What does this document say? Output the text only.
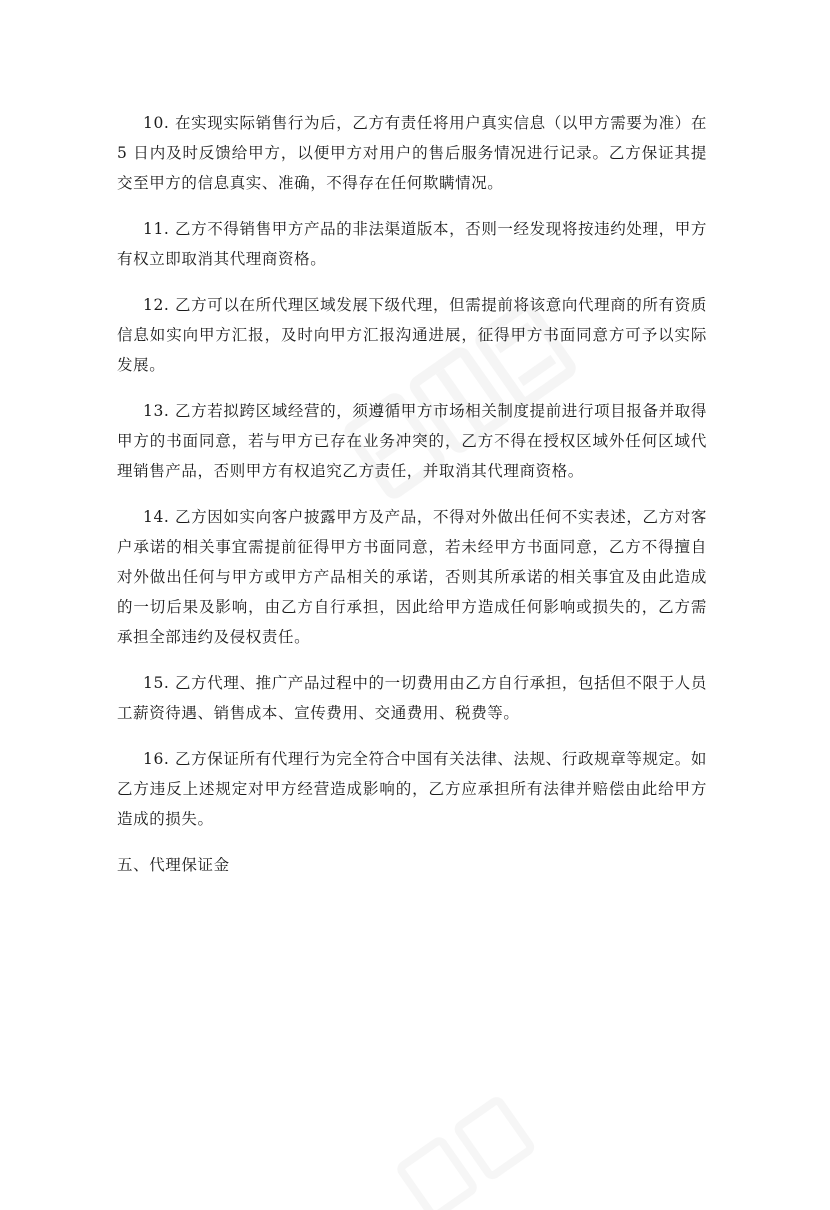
10. 在实现实际销售行为后，乙方有责任将用户真实信息（以甲方需要为准）在　 5 日内及时反馈给甲方，以便甲方对用户的售后服务情况进行记录。乙方保证其提交至甲方的信息真实、准确，不得存在任何欺瞒情况。

11. 乙方不得销售甲方产品的非法渠道版本，否则一经发现将按违约处理，甲方有权立即取消其代理商资格。

12. 乙方可以在所代理区域发展下级代理，但需提前将该意向代理商的所有资质信息如实向甲方汇报，及时向甲方汇报沟通进展，征得甲方书面同意方可予以实际发展。

13. 乙方若拟跨区域经营的，须遵循甲方市场相关制度提前进行项目报备并取得甲方的书面同意，若与甲方已存在业务冲突的，乙方不得在授权区域外任何区域代理销售产品，否则甲方有权追究乙方责任，并取消其代理商资格。

14. 乙方因如实向客户披露甲方及产品，不得对外做出任何不实表述，乙方对客户承诺的相关事宜需提前征得甲方书面同意，若未经甲方书面同意，乙方不得擅自对外做出任何与甲方或甲方产品相关的承诺，否则其所承诺的相关事宜及由此造成的一切后果及影响，由乙方自行承担，因此给甲方造成任何影响或损失的，乙方需承担全部违约及侵权责任。

15. 乙方代理、推广产品过程中的一切费用由乙方自行承担，包括但不限于人员工薪资待遇、销售成本、宣传费用、交通费用、税费等。

16. 乙方保证所有代理行为完全符合中国有关法律、法规、行政规章等规定。如乙方违反上述规定对甲方经营造成影响的，乙方应承担所有法律并赔偿由此给甲方造成的损失。

五、代理保证金
